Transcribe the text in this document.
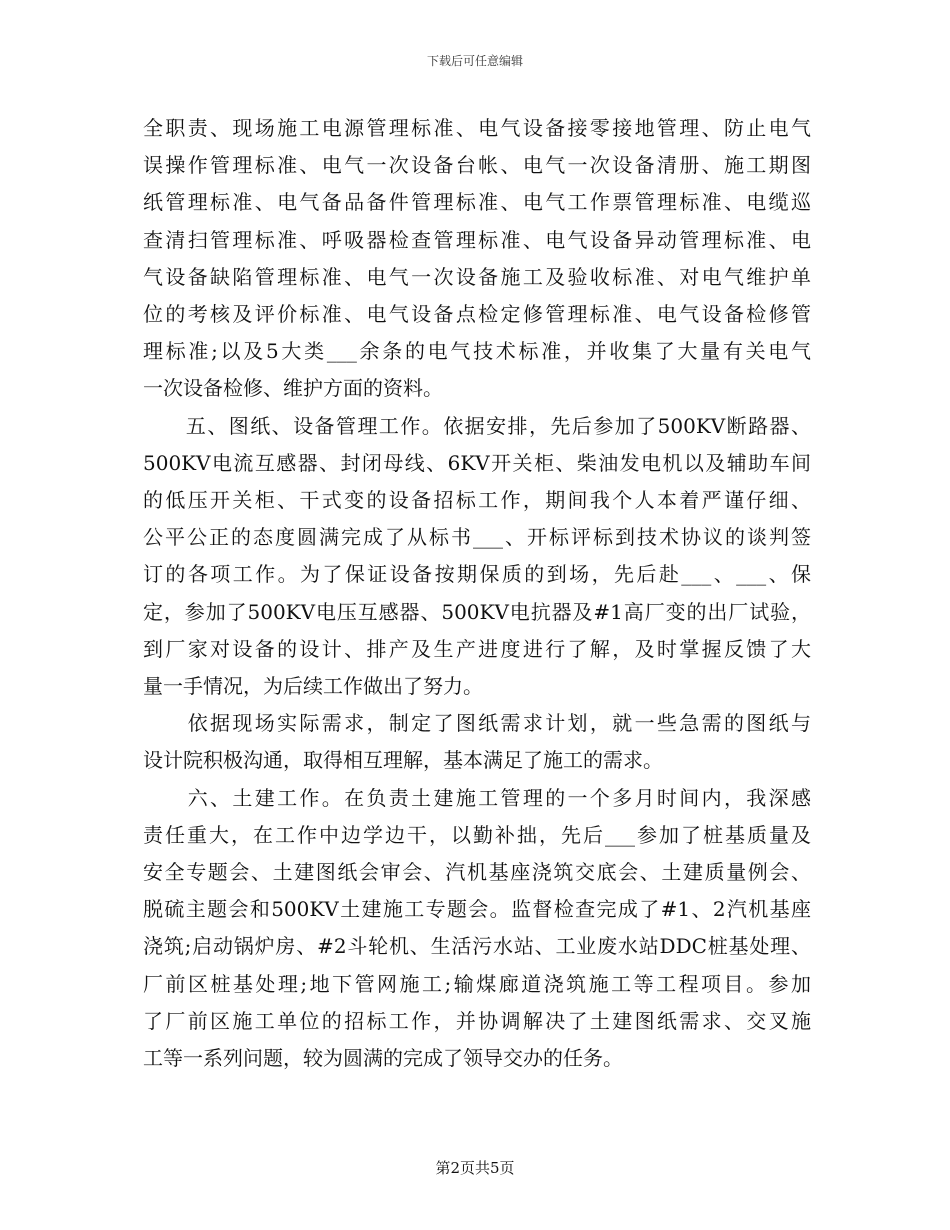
下载后可任意编辑
全职责、现场施工电源管理标准、电气设备接零接地管理、防止电气
误操作管理标准、电气一次设备台帐、电气一次设备清册、施工期图
纸管理标准、电气备品备件管理标准、电气工作票管理标准、电缆巡
查清扫管理标准、呼吸器检查管理标准、电气设备异动管理标准、电
气设备缺陷管理标准、电气一次设备施工及验收标准、对电气维护单
位的考核及评价标准、电气设备点检定修管理标准、电气设备检修管
理标准;以及5大类___余条的电气技术标准，并收集了大量有关电气
一次设备检修、维护方面的资料。
　　五、图纸、设备管理工作。依据安排，先后参加了500KV断路器、
500KV电流互感器、封闭母线、6KV开关柜、柴油发电机以及辅助车间
的低压开关柜、干式变的设备招标工作，期间我个人本着严谨仔细、
公平公正的态度圆满完成了从标书___、开标评标到技术协议的谈判签
订的各项工作。为了保证设备按期保质的到场，先后赴___、___、保
定，参加了500KV电压互感器、500KV电抗器及#1高厂变的出厂试验，
到厂家对设备的设计、排产及生产进度进行了解，及时掌握反馈了大
量一手情况，为后续工作做出了努力。
　　依据现场实际需求，制定了图纸需求计划，就一些急需的图纸与
设计院积极沟通，取得相互理解，基本满足了施工的需求。
　　六、土建工作。在负责土建施工管理的一个多月时间内，我深感
责任重大，在工作中边学边干，以勤补拙，先后___参加了桩基质量及
安全专题会、土建图纸会审会、汽机基座浇筑交底会、土建质量例会、
脱硫主题会和500KV土建施工专题会。监督检查完成了#1、2汽机基座
浇筑;启动锅炉房、#2斗轮机、生活污水站、工业废水站DDC桩基处理、
厂前区桩基处理;地下管网施工;输煤廊道浇筑施工等工程项目。参加
了厂前区施工单位的招标工作，并协调解决了土建图纸需求、交叉施
工等一系列问题，较为圆满的完成了领导交办的任务。
第2页共5页
